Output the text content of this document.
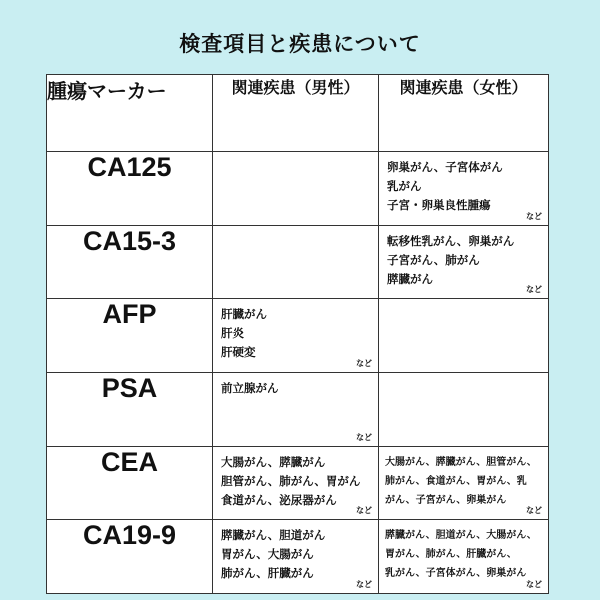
検査項目と疾患について
腫瘍マーカー	関連疾患（男性）	関連疾患（女性）
CA125		卵巣がん、子宮体がん
乳がん
子宮・卵巣良性腫瘍
など

CA15-3		転移性乳がん、卵巣がん
子宮がん、肺がん
膵臓がん
など

AFP	肝臓がん
肝炎
肝硬変
など	

PSA	前立腺がん
など	

CEA	大腸がん、膵臓がん
胆管がん、肺がん、胃がん
食道がん、泌尿器がん
など	大腸がん、膵臓がん、胆管がん、
肺がん、食道がん、胃がん、乳
がん、子宮がん、卵巣がん
など

CA19-9	膵臓がん、胆道がん
胃がん、大腸がん
肺がん、肝臓がん
など	膵臓がん、胆道がん、大腸がん、
胃がん、肺がん、肝臓がん、
乳がん、子宮体がん、卵巣がん
など
